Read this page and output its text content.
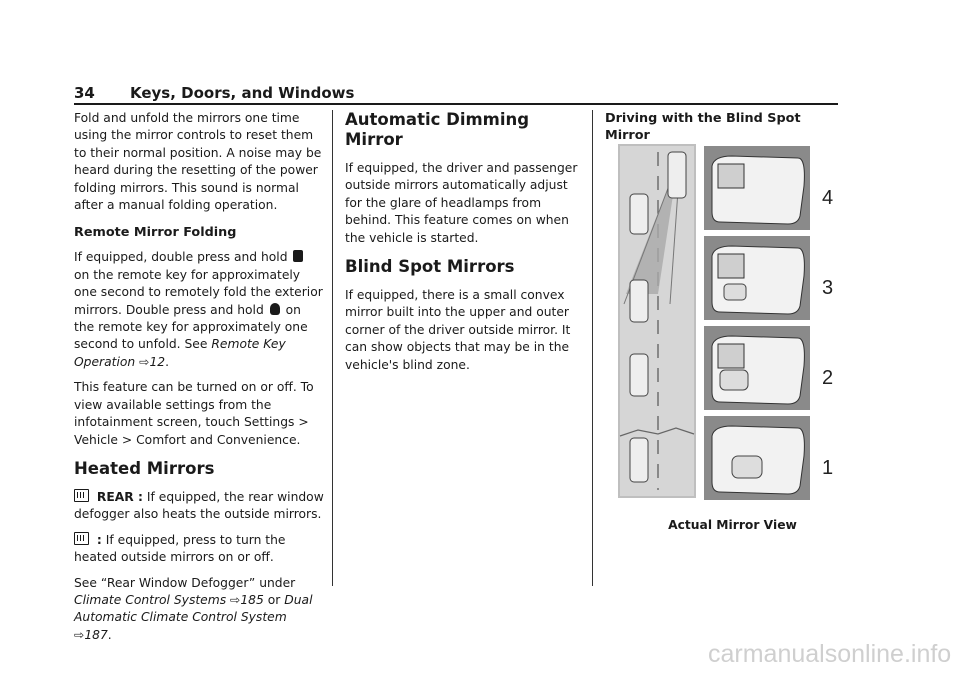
34 Keys, Doors, and Windows

Fold and unfold the mirrors one time using the mirror controls to reset them to their normal position. A noise may be heard during the resetting of the power folding mirrors. This sound is normal after a manual folding operation.

Remote Mirror Folding

If equipped, double press and hold  on the remote key for approximately one second to remotely fold the exterior mirrors. Double press and hold on the remote key for approximately one second to unfold. See Remote Key Operation ⇨12.

This feature can be turned on or off. To view available settings from the infotainment screen, touch Settings > Vehicle > Comfort and Convenience.

Heated Mirrors

REAR : If equipped, the rear window defogger also heats the outside mirrors.

: If equipped, press to turn the heated outside mirrors on or off.

See “Rear Window Defogger” under Climate Control Systems ⇨185 or Dual Automatic Climate Control System ⇨187.

Automatic Dimming Mirror

If equipped, the driver and passenger outside mirrors automatically adjust for the glare of headlamps from behind. This feature comes on when the vehicle is started.

Blind Spot Mirrors

If equipped, there is a small convex mirror built into the upper and outer corner of the driver outside mirror. It can show objects that may be in the vehicle's blind zone.

Driving with the Blind Spot Mirror
4
3
2
1
Actual Mirror View
carmanualsonline.info
